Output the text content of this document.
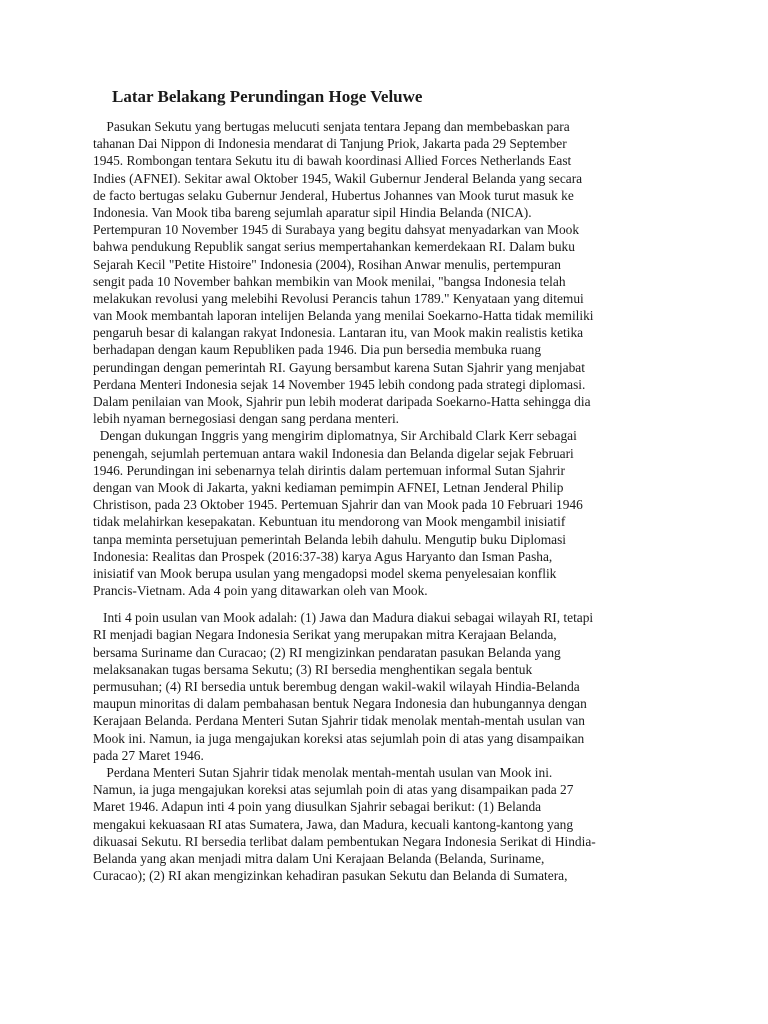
Latar Belakang Perundingan Hoge Veluwe
Pasukan Sekutu yang bertugas melucuti senjata tentara Jepang dan membebaskan para
tahanan Dai Nippon di Indonesia mendarat di Tanjung Priok, Jakarta pada 29 September
1945. Rombongan tentara Sekutu itu di bawah koordinasi Allied Forces Netherlands East
Indies (AFNEI). Sekitar awal Oktober 1945, Wakil Gubernur Jenderal Belanda yang secara
de facto bertugas selaku Gubernur Jenderal, Hubertus Johannes van Mook turut masuk ke
Indonesia. Van Mook tiba bareng sejumlah aparatur sipil Hindia Belanda (NICA).
Pertempuran 10 November 1945 di Surabaya yang begitu dahsyat menyadarkan van Mook
bahwa pendukung Republik sangat serius mempertahankan kemerdekaan RI. Dalam buku
Sejarah Kecil "Petite Histoire" Indonesia (2004), Rosihan Anwar menulis, pertempuran
sengit pada 10 November bahkan membikin van Mook menilai, "bangsa Indonesia telah
melakukan revolusi yang melebihi Revolusi Perancis tahun 1789." Kenyataan yang ditemui
van Mook membantah laporan intelijen Belanda yang menilai Soekarno-Hatta tidak memiliki
pengaruh besar di kalangan rakyat Indonesia. Lantaran itu, van Mook makin realistis ketika
berhadapan dengan kaum Republiken pada 1946. Dia pun bersedia membuka ruang
perundingan dengan pemerintah RI. Gayung bersambut karena Sutan Sjahrir yang menjabat
Perdana Menteri Indonesia sejak 14 November 1945 lebih condong pada strategi diplomasi.
Dalam penilaian van Mook, Sjahrir pun lebih moderat daripada Soekarno-Hatta sehingga dia
lebih nyaman bernegosiasi dengan sang perdana menteri.
Dengan dukungan Inggris yang mengirim diplomatnya, Sir Archibald Clark Kerr sebagai
penengah, sejumlah pertemuan antara wakil Indonesia dan Belanda digelar sejak Februari
1946. Perundingan ini sebenarnya telah dirintis dalam pertemuan informal Sutan Sjahrir
dengan van Mook di Jakarta, yakni kediaman pemimpin AFNEI, Letnan Jenderal Philip
Christison, pada 23 Oktober 1945. Pertemuan Sjahrir dan van Mook pada 10 Februari 1946
tidak melahirkan kesepakatan. Kebuntuan itu mendorong van Mook mengambil inisiatif
tanpa meminta persetujuan pemerintah Belanda lebih dahulu. Mengutip buku Diplomasi
Indonesia: Realitas dan Prospek (2016:37-38) karya Agus Haryanto dan Isman Pasha,
inisiatif van Mook berupa usulan yang mengadopsi model skema penyelesaian konflik
Prancis-Vietnam. Ada 4 poin yang ditawarkan oleh van Mook.
Inti 4 poin usulan van Mook adalah: (1) Jawa dan Madura diakui sebagai wilayah RI, tetapi
RI menjadi bagian Negara Indonesia Serikat yang merupakan mitra Kerajaan Belanda,
bersama Suriname dan Curacao; (2) RI mengizinkan pendaratan pasukan Belanda yang
melaksanakan tugas bersama Sekutu; (3) RI bersedia menghentikan segala bentuk
permusuhan; (4) RI bersedia untuk berembug dengan wakil-wakil wilayah Hindia-Belanda
maupun minoritas di dalam pembahasan bentuk Negara Indonesia dan hubungannya dengan
Kerajaan Belanda. Perdana Menteri Sutan Sjahrir tidak menolak mentah-mentah usulan van
Mook ini. Namun, ia juga mengajukan koreksi atas sejumlah poin di atas yang disampaikan
pada 27 Maret 1946.
Perdana Menteri Sutan Sjahrir tidak menolak mentah-mentah usulan van Mook ini.
Namun, ia juga mengajukan koreksi atas sejumlah poin di atas yang disampaikan pada 27
Maret 1946. Adapun inti 4 poin yang diusulkan Sjahrir sebagai berikut: (1) Belanda
mengakui kekuasaan RI atas Sumatera, Jawa, dan Madura, kecuali kantong-kantong yang
dikuasai Sekutu. RI bersedia terlibat dalam pembentukan Negara Indonesia Serikat di Hindia-
Belanda yang akan menjadi mitra dalam Uni Kerajaan Belanda (Belanda, Suriname,
Curacao); (2) RI akan mengizinkan kehadiran pasukan Sekutu dan Belanda di Sumatera,
